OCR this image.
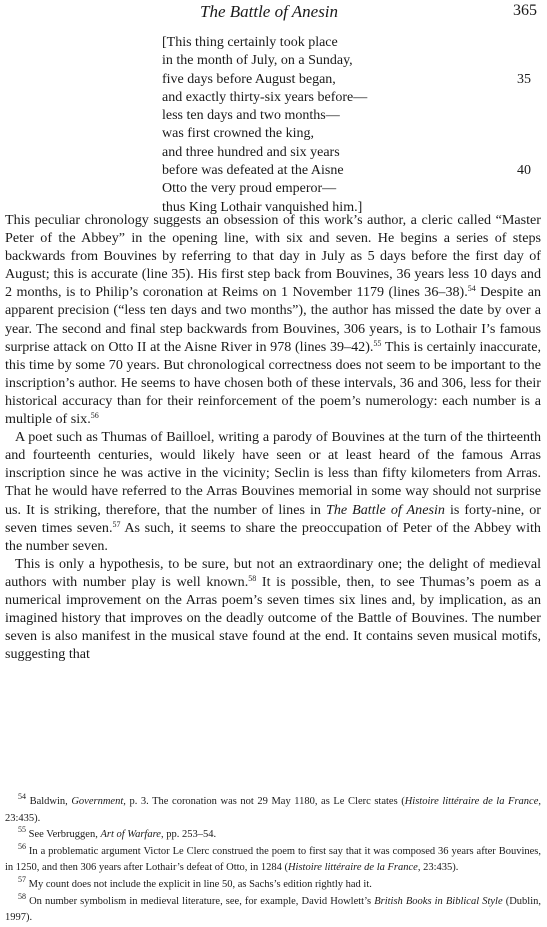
The Battle of Anesin	365
[This thing certainly took place
in the month of July, on a Sunday,
five days before August began,	35
and exactly thirty-six years before—
less ten days and two months—
was first crowned the king,
and three hundred and six years
before was defeated at the Aisne	40
Otto the very proud emperor—
thus King Lothair vanquished him.]

This peculiar chronology suggests an obsession of this work’s author, a cleric called “Master Peter of the Abbey” in the opening line, with six and seven. He begins a series of steps backwards from Bouvines by referring to that day in July as 5 days before the first day of August; this is accurate (line 35). His first step back from Bouvines, 36 years less 10 days and 2 months, is to Philip’s coronation at Reims on 1 November 1179 (lines 36–38).$^{54}$ Despite an apparent precision (“less ten days and two months”), the author has missed the date by over a year. The second and final step backwards from Bouvines, 306 years, is to Lothair I’s famous surprise attack on Otto II at the Aisne River in 978 (lines 39–42).$^{55}$ This is certainly inaccurate, this time by some 70 years. But chronological correctness does not seem to be important to the inscription’s author. He seems to have chosen both of these intervals, 36 and 306, less for their historical accuracy than for their reinforcement of the poem’s numerology: each number is a multiple of six.$^{56}$

A poet such as Thumas of Bailloel, writing a parody of Bouvines at the turn of the thirteenth and fourteenth centuries, would likely have seen or at least heard of the famous Arras inscription since he was active in the vicinity; Seclin is less than fifty kilometers from Arras. That he would have referred to the Arras Bouvines memorial in some way should not surprise us. It is striking, therefore, that the number of lines in The Battle of Anesin is forty-nine, or seven times seven.$^{57}$ As such, it seems to share the preoccupation of Peter of the Abbey with the number seven.

This is only a hypothesis, to be sure, but not an extraordinary one; the delight of medieval authors with number play is well known.$^{58}$ It is possible, then, to see Thumas’s poem as a numerical improvement on the Arras poem’s seven times six lines and, by implication, as an imagined history that improves on the deadly outcome of the Battle of Bouvines. The number seven is also manifest in the musical stave found at the end. It contains seven musical motifs, suggesting that

$^{54}$ Baldwin, Government, p. 3. The coronation was not 29 May 1180, as Le Clerc states (Histoire littéraire de la France, 23:435).

$^{55}$ See Verbruggen, Art of Warfare, pp. 253–54.

$^{56}$ In a problematic argument Victor Le Clerc construed the poem to first say that it was composed 36 years after Bouvines, in 1250, and then 306 years after Lothair’s defeat of Otto, in 1284 (Histoire littéraire de la France, 23:435).

$^{57}$ My count does not include the explicit in line 50, as Sachs’s edition rightly had it.

$^{58}$ On number symbolism in medieval literature, see, for example, David Howlett’s British Books in Biblical Style (Dublin, 1997).
